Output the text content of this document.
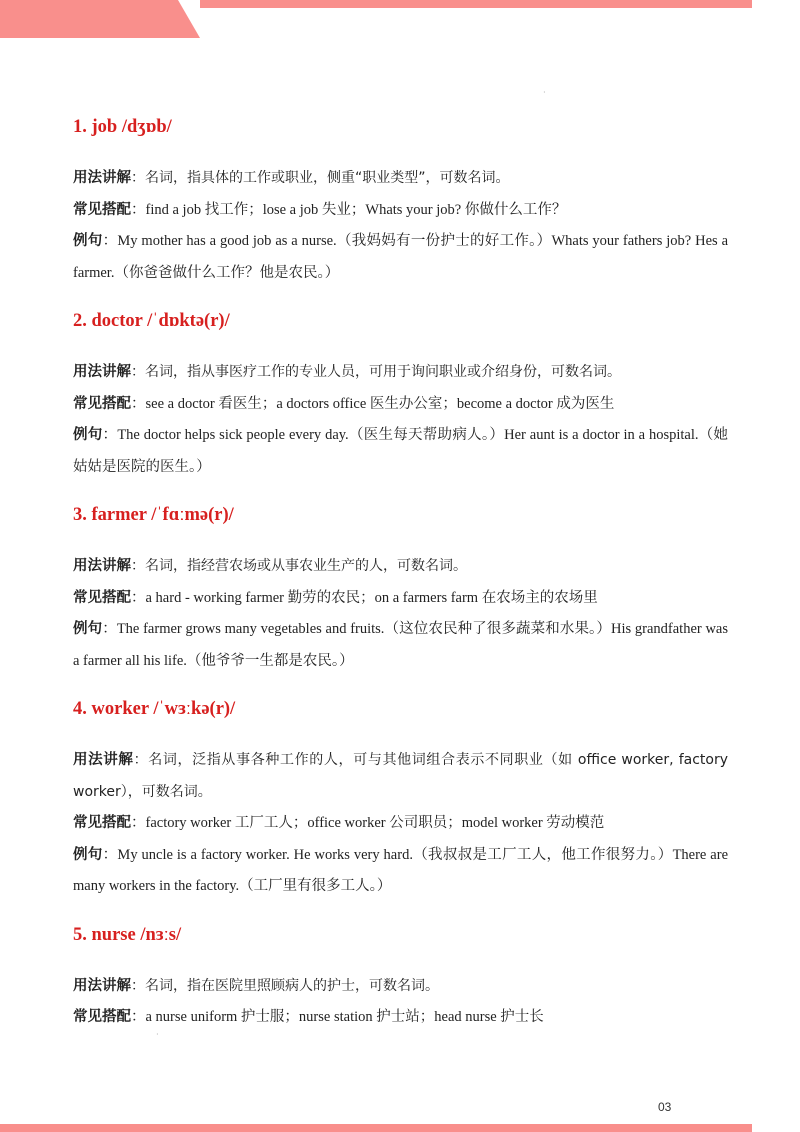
·
·
1. job /dʒɒb/

用法讲解：名词，指具体的工作或职业，侧重“职业类型”，可数名词。

常见搭配：find a job 找工作；lose a job 失业；Whats your job? 你做什么工作？

例句：My mother has a good job as a nurse.（我妈妈有一份护士的好工作。）Whats your fathers job? Hes a farmer.（你爸爸做什么工作？他是农民。）

2. doctor /ˈdɒktə(r)/

用法讲解：名词，指从事医疗工作的专业人员，可用于询问职业或介绍身份，可数名词。

常见搭配：see a doctor 看医生；a doctors office 医生办公室；become a doctor 成为医生

例句：The doctor helps sick people every day.（医生每天帮助病人。）Her aunt is a doctor in a hospital.（她姑姑是医院的医生。）

3. farmer /ˈfɑːmə(r)/

用法讲解：名词，指经营农场或从事农业生产的人，可数名词。

常见搭配：a hard - working farmer 勤劳的农民；on a farmers farm 在农场主的农场里

例句：The farmer grows many vegetables and fruits.（这位农民种了很多蔬菜和水果。）His grandfather was a farmer all his life.（他爷爷一生都是农民。）

4. worker /ˈwɜːkə(r)/

用法讲解：名词，泛指从事各种工作的人，可与其他词组合表示不同职业（如 office worker, factory worker），可数名词。

常见搭配：factory worker 工厂工人；office worker 公司职员；model worker 劳动模范

例句：My uncle is a factory worker. He works very hard.（我叔叔是工厂工人，他工作很努力。）There are many workers in the factory.（工厂里有很多工人。）

5. nurse /nɜːs/

用法讲解：名词，指在医院里照顾病人的护士，可数名词。

常见搭配：a nurse uniform 护士服；nurse station 护士站；head nurse 护士长

03
